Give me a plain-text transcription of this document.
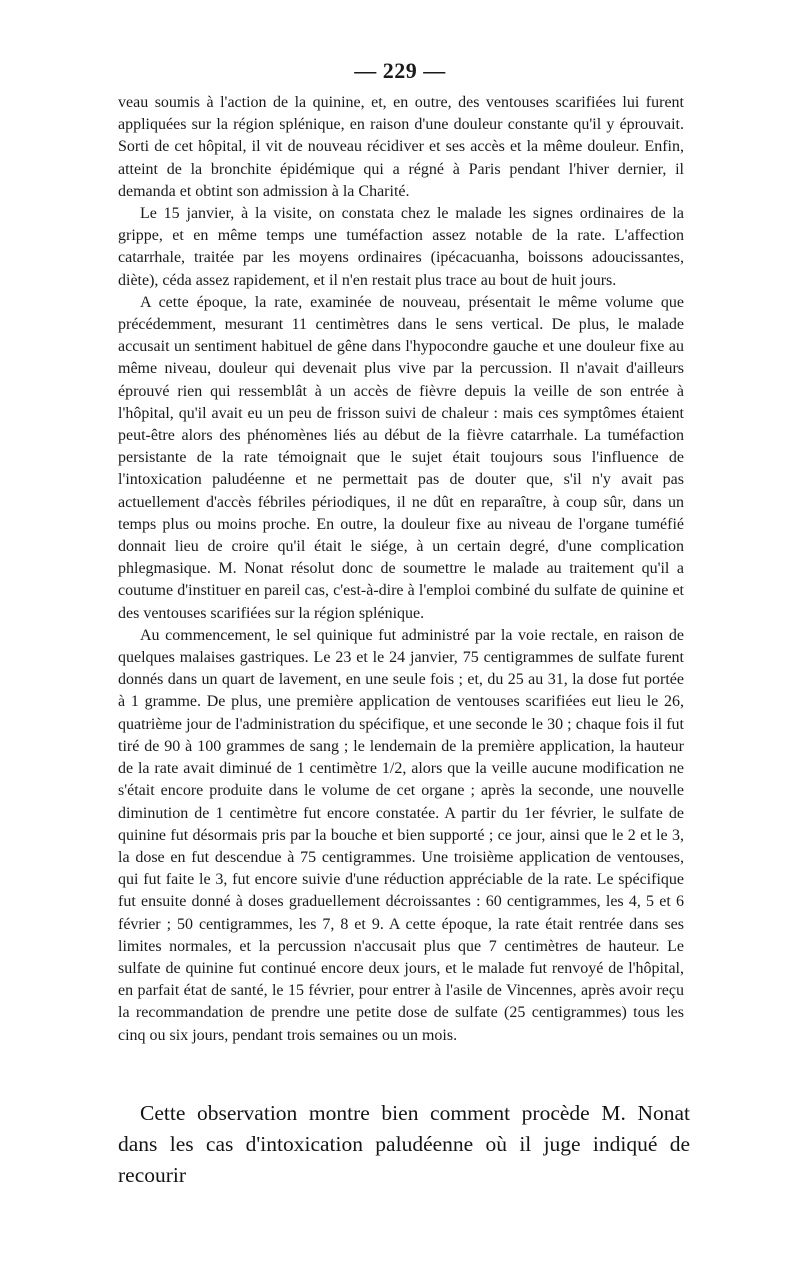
— 229 —

veau soumis à l'action de la quinine, et, en outre, des ventouses scarifiées lui furent appliquées sur la région splénique, en raison d'une douleur constante qu'il y éprouvait. Sorti de cet hôpital, il vit de nouveau récidiver et ses accès et la même douleur. Enfin, atteint de la bronchite épidémique qui a régné à Paris pendant l'hiver dernier, il demanda et obtint son admission à la Charité.

Le 15 janvier, à la visite, on constata chez le malade les signes ordinaires de la grippe, et en même temps une tuméfaction assez notable de la rate. L'affection catarrhale, traitée par les moyens ordinaires (ipécacuanha, boissons adoucissantes, diète), céda assez rapidement, et il n'en restait plus trace au bout de huit jours.

A cette époque, la rate, examinée de nouveau, présentait le même volume que précédemment, mesurant 11 centimètres dans le sens vertical. De plus, le malade accusait un sentiment habituel de gêne dans l'hypocondre gauche et une douleur fixe au même niveau, douleur qui devenait plus vive par la percussion. Il n'avait d'ailleurs éprouvé rien qui ressemblât à un accès de fièvre depuis la veille de son entrée à l'hôpital, qu'il avait eu un peu de frisson suivi de chaleur : mais ces symptômes étaient peut-être alors des phénomènes liés au début de la fièvre catarrhale. La tuméfaction persistante de la rate témoignait que le sujet était toujours sous l'influence de l'intoxication paludéenne et ne permettait pas de douter que, s'il n'y avait pas actuellement d'accès fébriles périodiques, il ne dût en reparaître, à coup sûr, dans un temps plus ou moins proche. En outre, la douleur fixe au niveau de l'organe tuméfié donnait lieu de croire qu'il était le siége, à un certain degré, d'une complication phlegmasique. M. Nonat résolut donc de soumettre le malade au traitement qu'il a coutume d'instituer en pareil cas, c'est-à-dire à l'emploi combiné du sulfate de quinine et des ventouses scarifiées sur la région splénique.

Au commencement, le sel quinique fut administré par la voie rectale, en raison de quelques malaises gastriques. Le 23 et le 24 janvier, 75 centigrammes de sulfate furent donnés dans un quart de lavement, en une seule fois ; et, du 25 au 31, la dose fut portée à 1 gramme. De plus, une première application de ventouses scarifiées eut lieu le 26, quatrième jour de l'administration du spécifique, et une seconde le 30 ; chaque fois il fut tiré de 90 à 100 grammes de sang ; le lendemain de la première application, la hauteur de la rate avait diminué de 1 centimètre 1/2, alors que la veille aucune modification ne s'était encore produite dans le volume de cet organe ; après la seconde, une nouvelle diminution de 1 centimètre fut encore constatée. A partir du 1er février, le sulfate de quinine fut désormais pris par la bouche et bien supporté ; ce jour, ainsi que le 2 et le 3, la dose en fut descendue à 75 centigrammes. Une troisième application de ventouses, qui fut faite le 3, fut encore suivie d'une réduction appréciable de la rate. Le spécifique fut ensuite donné à doses graduellement décroissantes : 60 centigrammes, les 4, 5 et 6 février ; 50 centigrammes, les 7, 8 et 9. A cette époque, la rate était rentrée dans ses limites normales, et la percussion n'accusait plus que 7 centimètres de hauteur. Le sulfate de quinine fut continué encore deux jours, et le malade fut renvoyé de l'hôpital, en parfait état de santé, le 15 février, pour entrer à l'asile de Vincennes, après avoir reçu la recommandation de prendre une petite dose de sulfate (25 centigrammes) tous les cinq ou six jours, pendant trois semaines ou un mois.

Cette observation montre bien comment procède M. Nonat dans les cas d'intoxication paludéenne où il juge indiqué de recourir
